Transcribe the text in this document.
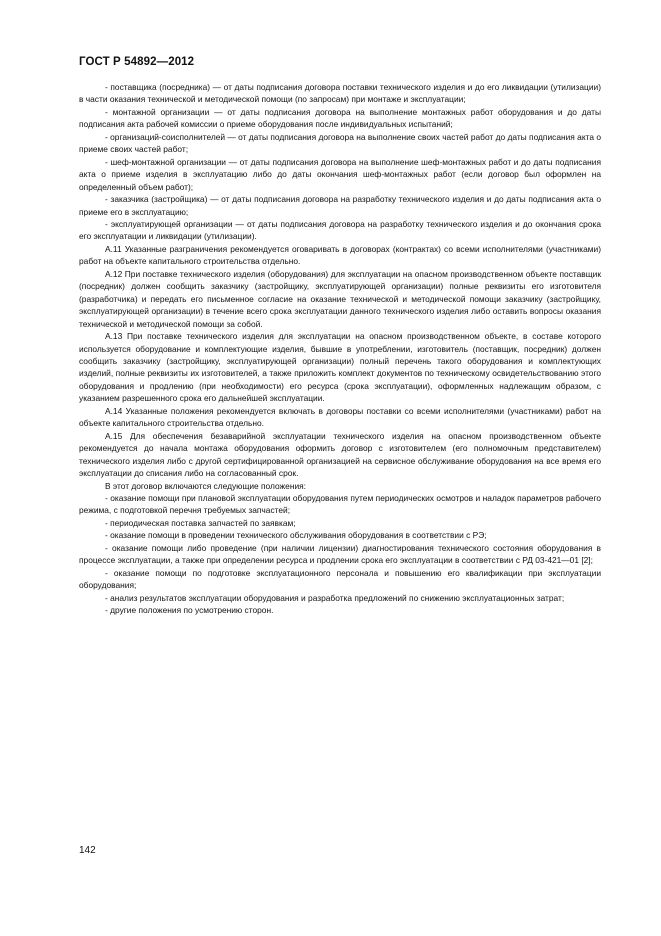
ГОСТ Р 54892—2012

- поставщика (посредника) — от даты подписания договора поставки технического изделия и до его ликвидации (утилизации) в части оказания технической и методической помощи (по запросам) при монтаже и эксплуатации;

- монтажной организации — от даты подписания договора на выполнение монтажных работ оборудования и до даты подписания акта рабочей комиссии о приеме оборудования после индивидуальных испытаний;

- организаций-соисполнителей — от даты подписания договора на выполнение своих частей работ до даты подписания акта о приеме своих частей работ;

- шеф-монтажной организации — от даты подписания договора на выполнение шеф-монтажных работ и до даты подписания акта о приеме изделия в эксплуатацию либо до даты окончания шеф-монтажных работ (если договор был оформлен на определенный объем работ);

- заказчика (застройщика) — от даты подписания договора на разработку технического изделия и до даты подписания акта о приеме его в эксплуатацию;

- эксплуатирующей организации — от даты подписания договора на разработку технического изделия и до окончания срока его эксплуатации и ликвидации (утилизации).

А.11 Указанные разграничения рекомендуется оговаривать в договорах (контрактах) со всеми исполнителями (участниками) работ на объекте капитального строительства отдельно.

А.12 При поставке технического изделия (оборудования) для эксплуатации на опасном производственном объекте поставщик (посредник) должен сообщить заказчику (застройщику, эксплуатирующей организации) полные реквизиты его изготовителя (разработчика) и передать его письменное согласие на оказание технической и методической помощи заказчику (застройщику, эксплуатирующей организации) в течение всего срока эксплуатации данного технического изделия либо оставить вопросы оказания технической и методической помощи за собой.

А.13 При поставке технического изделия для эксплуатации на опасном производственном объекте, в составе которого используется оборудование и комплектующие изделия, бывшие в употреблении, изготовитель (поставщик, посредник) должен сообщить заказчику (застройщику, эксплуатирующей организации) полный перечень такого оборудования и комплектующих изделий, полные реквизиты их изготовителей, а также приложить комплект документов по техническому освидетельствованию этого оборудования и продлению (при необходимости) его ресурса (срока эксплуатации), оформленных надлежащим образом, с указанием разрешенного срока его дальнейшей эксплуатации.

А.14 Указанные положения рекомендуется включать в договоры поставки со всеми исполнителями (участниками) работ на объекте капитального строительства отдельно.

А.15 Для обеспечения безаварийной эксплуатации технического изделия на опасном производственном объекте рекомендуется до начала монтажа оборудования оформить договор с изготовителем (его полномочным представителем) технического изделия либо с другой сертифицированной организацией на сервисное обслуживание оборудования на все время его эксплуатации до списания либо на согласованный срок.

В этот договор включаются следующие положения:

- оказание помощи при плановой эксплуатации оборудования путем периодических осмотров и наладок параметров рабочего режима, с подготовкой перечня требуемых запчастей;

- периодическая поставка запчастей по заявкам;

- оказание помощи в проведении технического обслуживания оборудования в соответствии с РЭ;

- оказание помощи либо проведение (при наличии лицензии) диагностирования технического состояния оборудования в процессе эксплуатации, а также при определении ресурса и продлении срока его эксплуатации в соответствии с РД 03-421—01 [2];

- оказание помощи по подготовке эксплуатационного персонала и повышению его квалификации при эксплуатации оборудования;

- анализ результатов эксплуатации оборудования и разработка предложений по снижению эксплуатационных затрат;

- другие положения по усмотрению сторон.

142
